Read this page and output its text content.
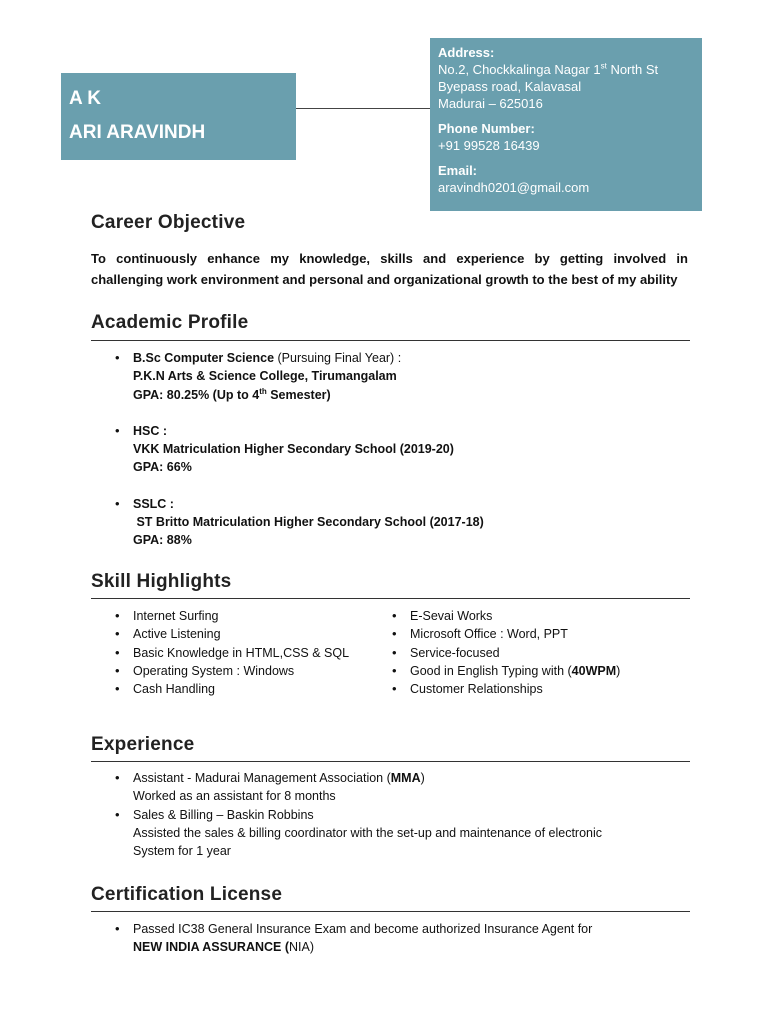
A K
ARI ARAVINDH
Address:
No.2, Chockkalinga Nagar 1st North St
Byepass road, Kalavasal
Madurai – 625016
Phone Number:
+91 99528 16439
Email:
aravindh0201@gmail.com
Career Objective
To continuously enhance my knowledge, skills and experience by getting involved in challenging work environment and personal and organizational growth to the best of my ability
Academic Profile
• B.Sc Computer Science (Pursuing Final Year) :
P.K.N Arts & Science College, Tirumangalam
GPA: 80.25% (Up to 4th Semester)
• HSC :
VKK Matriculation Higher Secondary School (2019-20)
GPA: 66%
• SSLC :
ST Britto Matriculation Higher Secondary School (2017-18)
GPA: 88%
Skill Highlights
• Internet Surfing
• Active Listening
• Basic Knowledge in HTML,CSS & SQL
• Operating System : Windows
• Cash Handling
• E-Sevai Works
• Microsoft Office : Word, PPT
• Service-focused
• Good in English Typing with (40WPM)
• Customer Relationships
Experience
• Assistant - Madurai Management Association (MMA)
Worked as an assistant for 8 months
• Sales & Billing – Baskin Robbins
Assisted the sales & billing coordinator with the set-up and maintenance of electronic
System for 1 year
Certification License
• Passed IC38 General Insurance Exam and become authorized Insurance Agent for
NEW INDIA ASSURANCE (NIA)
